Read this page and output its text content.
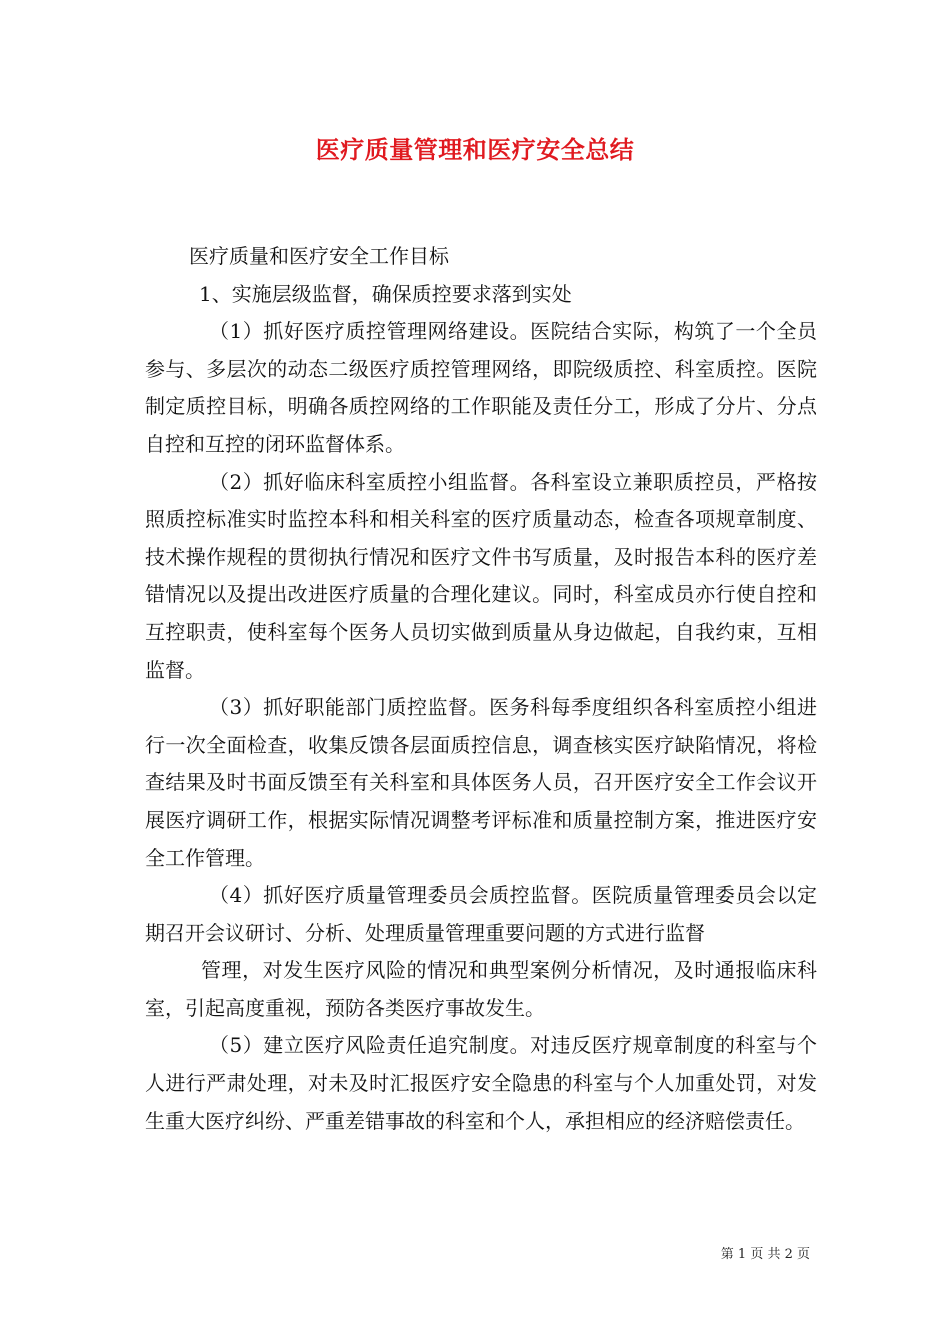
医疗质量管理和医疗安全总结

医疗质量和医疗安全工作目标

1、实施层级监督，确保质控要求落到实处

（1）抓好医疗质控管理网络建设。医院结合实际，构筑了一个全员参与、多层次的动态二级医疗质控管理网络，即院级质控、科室质控。医院制定质控目标，明确各质控网络的工作职能及责任分工，形成了分片、分点自控和互控的闭环监督体系。

（2）抓好临床科室质控小组监督。各科室设立兼职质控员，严格按照质控标准实时监控本科和相关科室的医疗质量动态，检查各项规章制度、技术操作规程的贯彻执行情况和医疗文件书写质量，及时报告本科的医疗差错情况以及提出改进医疗质量的合理化建议。同时，科室成员亦行使自控和互控职责，使科室每个医务人员切实做到质量从身边做起，自我约束，互相监督。

（3）抓好职能部门质控监督。医务科每季度组织各科室质控小组进行一次全面检查，收集反馈各层面质控信息，调查核实医疗缺陷情况，将检查结果及时书面反馈至有关科室和具体医务人员，召开医疗安全工作会议开展医疗调研工作，根据实际情况调整考评标准和质量控制方案，推进医疗安全工作管理。

（4）抓好医疗质量管理委员会质控监督。医院质量管理委员会以定期召开会议研讨、分析、处理质量管理重要问题的方式进行监督

管理，对发生医疗风险的情况和典型案例分析情况，及时通报临床科室，引起高度重视，预防各类医疗事故发生。

（5）建立医疗风险责任追究制度。对违反医疗规章制度的科室与个人进行严肃处理，对未及时汇报医疗安全隐患的科室与个人加重处罚，对发生重大医疗纠纷、严重差错事故的科室和个人，承担相应的经济赔偿责任。

第 1 页 共 2 页
